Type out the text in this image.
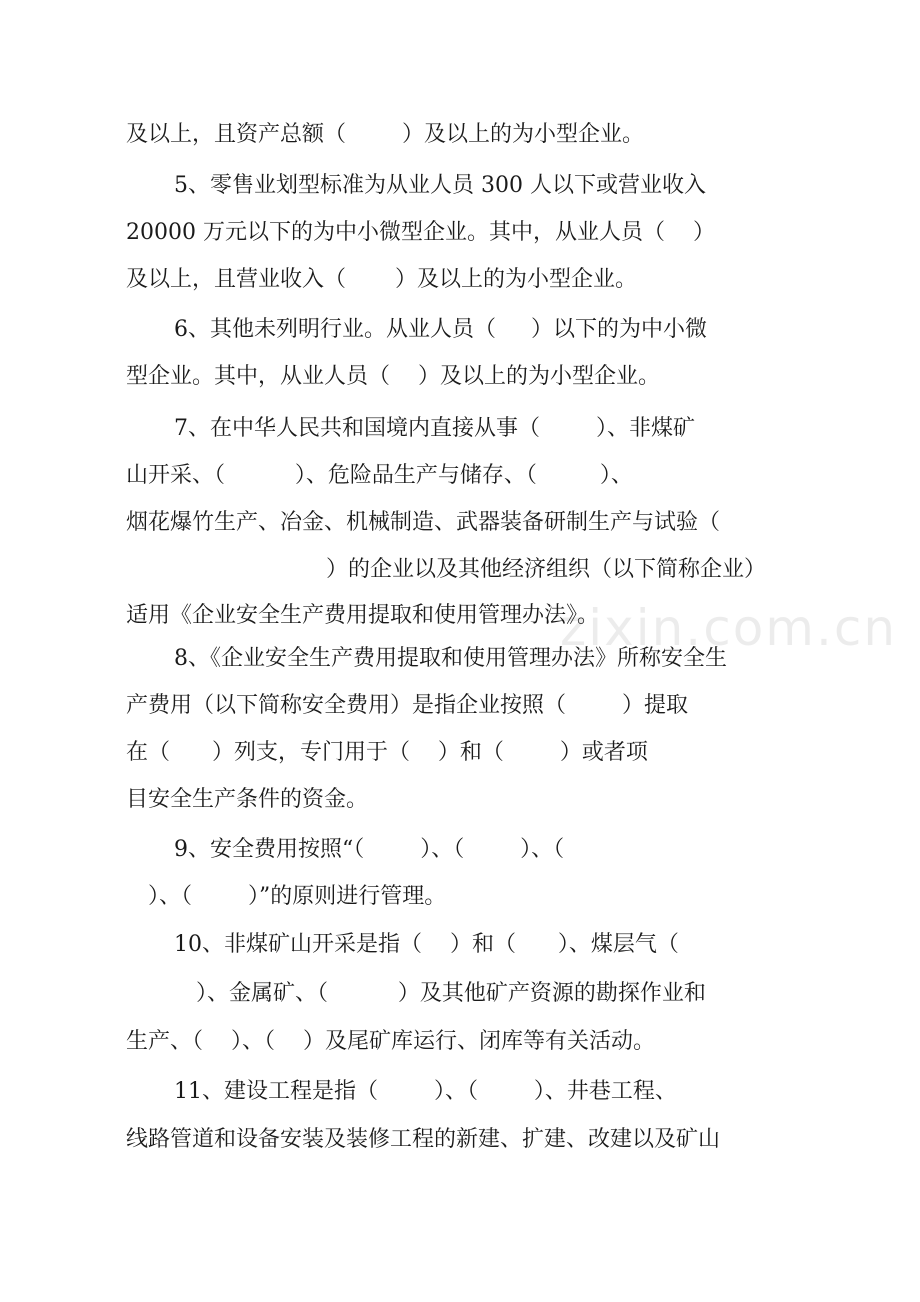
及以上，且资产总额（        ）及以上的为小型企业。
5、零售业划型标准为从业人员 300 人以下或营业收入
20000 万元以下的为中小微型企业。其中，从业人员（    ）
及以上，且营业收入（       ）及以上的为小型企业。
6、其他未列明行业。从业人员（     ）以下的为中小微
型企业。其中，从业人员（    ）及以上的为小型企业。
7、在中华人民共和国境内直接从事（        ）、非煤矿
山开采、（          ）、危险品生产与储存、（         ）、
烟花爆竹生产、冶金、机械制造、武器装备研制生产与试验（
）的企业以及其他经济组织（以下简称企业）
适用《企业安全生产费用提取和使用管理办法》。
8、《企业安全生产费用提取和使用管理办法》所称安全生
产费用（以下简称安全费用）是指企业按照（        ）提取
在（      ）列支，专门用于（    ）和（        ）或者项
目安全生产条件的资金。
9、安全费用按照“（        ）、（        ）、（
）、（        ）”的原则进行管理。
10、非煤矿山开采是指（    ）和（      ）、煤层气（
）、金属矿、（          ）及其他矿产资源的勘探作业和
生产、（    ）、（    ）及尾矿库运行、闭库等有关活动。
11、建设工程是指（        ）、（        ）、井巷工程、
线路管道和设备安装及装修工程的新建、扩建、改建以及矿山
zixin.com.cn
